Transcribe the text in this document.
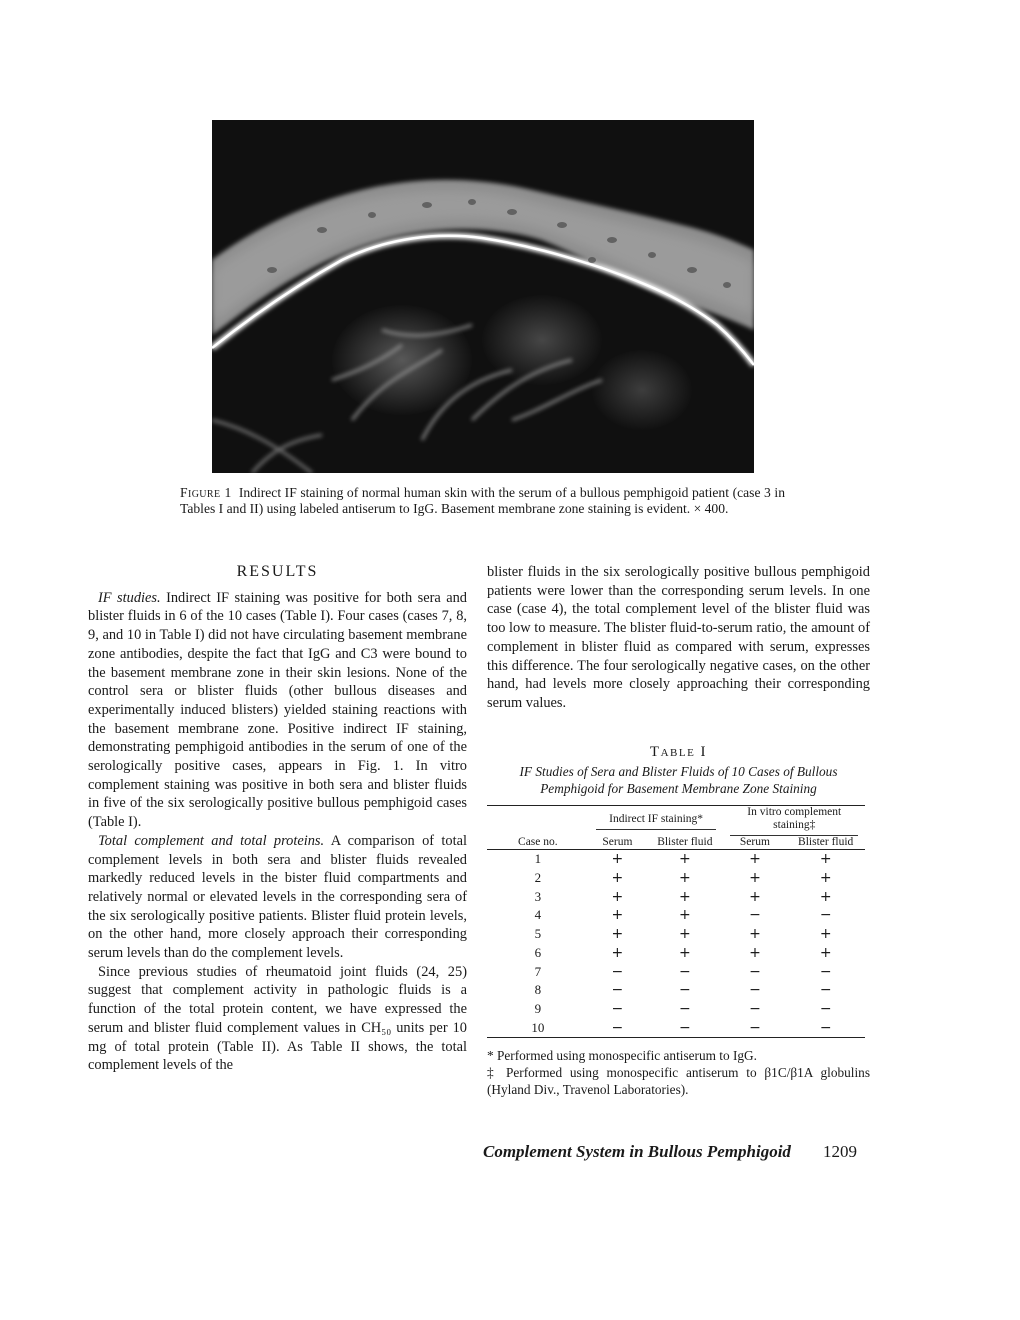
Figure 1 Indirect IF staining of normal human skin with the serum of a bullous pemphigoid patient (case 3 in Tables I and II) using labeled antiserum to IgG. Basement membrane zone staining is evident. × 400.
RESULTS

IF studies. Indirect IF staining was positive for both sera and blister fluids in 6 of the 10 cases (Table I). Four cases (cases 7, 8, 9, and 10 in Table I) did not have circulating basement membrane zone antibodies, despite the fact that IgG and C3 were bound to the basement membrane zone in their skin lesions. None of the control sera or blister fluids (other bullous diseases and experimentally induced blisters) yielded staining reactions with the basement membrane zone. Positive indirect IF staining, demonstrating pemphigoid antibodies in the serum of one of the serologically positive cases, appears in Fig. 1. In vitro complement staining was positive in both sera and blister fluids in five of the six serologically positive bullous pemphigoid cases (Table I).

Total complement and total proteins. A comparison of total complement levels in both sera and blister fluids revealed markedly reduced levels in the bister fluid compartments and relatively normal or elevated levels in the corresponding sera of the six serologically positive patients. Blister fluid protein levels, on the other hand, more closely approach their corresponding serum levels than do the complement levels.

Since previous studies of rheumatoid joint fluids (24, 25) suggest that complement activity in pathologic fluids is a function of the total protein content, we have expressed the serum and blister fluid complement values in CH₅₀ units per 10 mg of total protein (Table II). As Table II shows, the total complement levels of the

blister fluids in the six serologically positive bullous pemphigoid patients were lower than the corresponding serum levels. In one case (case 4), the total complement level of the blister fluid was too low to measure. The blister fluid-to-serum ratio, the amount of complement in blister fluid as compared with serum, expresses this difference. The four serologically negative cases, on the other hand, had levels more closely approaching their corresponding serum values.

Table I
IF Studies of Sera and Blister Fluids of 10 Cases of Bullous Pemphigoid for Basement Membrane Zone Staining
	Indirect IF staining*		In vitro complement staining‡	
Case no.	Serum	Blister fluid	Serum	Blister fluid
1	+	+	+	+
2	+	+	+	+
3	+	+	+	+
4	+	+	−	−
5	+	+	+	+
6	+	+	+	+
7	−	−	−	−
8	−	−	−	−
9	−	−	−	−
10	−	−	−	−
* Performed using monospecific antiserum to IgG.
‡ Performed using monospecific antiserum to β1C/β1A globulins (Hyland Div., Travenol Laboratories).
Complement System in Bullous Pemphigoid 1209
